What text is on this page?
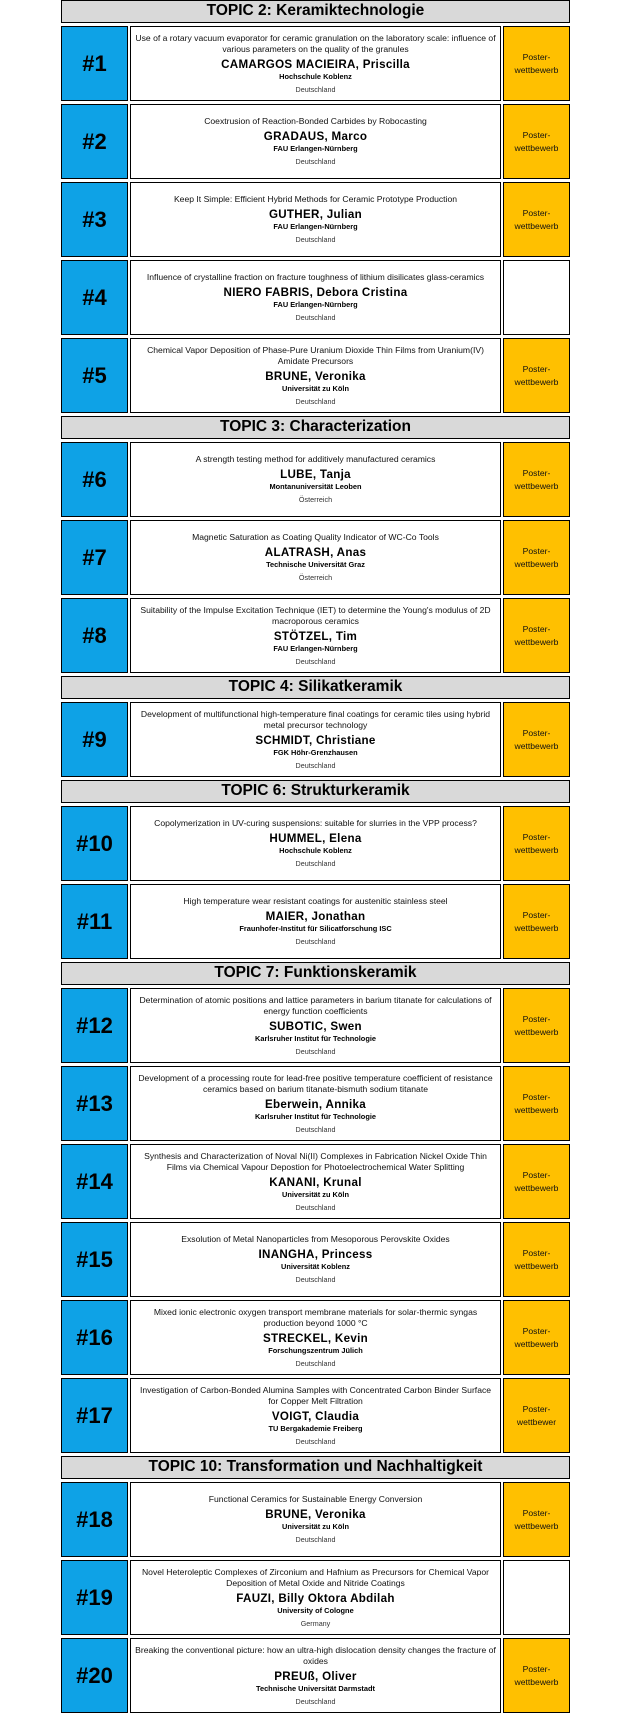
TOPIC 2: Keramiktechnologie
#1
Use of a rotary vacuum evaporator for ceramic granulation on the laboratory scale: influence of various parameters on the quality of the granules
CAMARGOS MACIEIRA, Priscilla
Hochschule Koblenz
Deutschland
Poster-
wettbewerb
#2
Coextrusion of Reaction-Bonded Carbides by Robocasting
GRADAUS, Marco
FAU Erlangen-Nürnberg
Deutschland
Poster-
wettbewerb
#3
Keep It Simple: Efficient Hybrid Methods for Ceramic Prototype Production
GUTHER, Julian
FAU Erlangen-Nürnberg
Deutschland
Poster-
wettbewerb
#4
Influence of crystalline fraction on fracture toughness of lithium disilicates glass-ceramics
NIERO FABRIS, Debora Cristina
FAU Erlangen-Nürnberg
Deutschland
#5
Chemical Vapor Deposition of Phase-Pure Uranium Dioxide Thin Films from Uranium(IV) Amidate Precursors
BRUNE, Veronika
Universität zu Köln
Deutschland
Poster-
wettbewerb
TOPIC 3: Characterization
#6
A strength testing method for additively manufactured ceramics
LUBE, Tanja
Montanuniversität Leoben
Österreich
Poster-
wettbewerb
#7
Magnetic Saturation as Coating Quality Indicator of WC-Co Tools
ALATRASH, Anas
Technische Universität Graz
Österreich
Poster-
wettbewerb
#8
Suitability of the Impulse Excitation Technique (IET) to determine the Young's modulus of 2D macroporous ceramics
STÖTZEL, Tim
FAU Erlangen-Nürnberg
Deutschland
Poster-
wettbewerb
TOPIC 4: Silikatkeramik
#9
Development of multifunctional high-temperature final coatings for ceramic tiles using hybrid metal precursor technology
SCHMIDT, Christiane
FGK Höhr-Grenzhausen
Deutschland
Poster-
wettbewerb
TOPIC 6: Strukturkeramik
#10
Copolymerization in UV-curing suspensions: suitable for slurries in the VPP process?
HUMMEL, Elena
Hochschule Koblenz
Deutschland
Poster-
wettbewerb
#11
High temperature wear resistant coatings for austenitic stainless steel
MAIER, Jonathan
Fraunhofer-Institut für Silicatforschung ISC
Deutschland
Poster-
wettbewerb
TOPIC 7: Funktionskeramik
#12
Determination of atomic positions and lattice parameters in barium titanate for calculations of energy function coefficients
SUBOTIC, Swen
Karlsruher Institut für Technologie
Deutschland
Poster-
wettbewerb
#13
Development of a processing route for lead-free positive temperature coefficient of resistance ceramics based on barium titanate-bismuth sodium titanate
Eberwein, Annika
Karlsruher Institut für Technologie
Deutschland
Poster-
wettbewerb
#14
Synthesis and Characterization of Noval Ni(II) Complexes in Fabrication Nickel Oxide Thin Films via Chemical Vapour Depostion for Photoelectrochemical Water Splitting
KANANI, Krunal
Universität zu Köln
Deutschland
Poster-
wettbewerb
#15
Exsolution of Metal Nanoparticles from Mesoporous Perovskite Oxides
INANGHA, Princess
Universität Koblenz
Deutschland
Poster-
wettbewerb
#16
Mixed ionic electronic oxygen transport membrane materials for solar-thermic syngas production beyond 1000 °C
STRECKEL, Kevin
Forschungszentrum Jülich
Deutschland
Poster-
wettbewerb
#17
Investigation of Carbon-Bonded Alumina Samples with Concentrated Carbon Binder Surface for Copper Melt Filtration
VOIGT, Claudia
TU Bergakademie Freiberg
Deutschland
Poster-
wettbewer
TOPIC 10: Transformation und Nachhaltigkeit
#18
Functional Ceramics for Sustainable Energy Conversion
BRUNE, Veronika
Universität zu Köln
Deutschland
Poster-
wettbewerb
#19
Novel Heteroleptic Complexes of Zirconium and Hafnium as Precursors for Chemical Vapor Deposition of Metal Oxide and Nitride Coatings
FAUZI, Billy Oktora Abdilah
University of Cologne
Germany
#20
Breaking the conventional picture: how an ultra-high dislocation density changes the fracture of oxides
PREUß, Oliver
Technische Universität Darmstadt
Deutschland
Poster-
wettbewerb
